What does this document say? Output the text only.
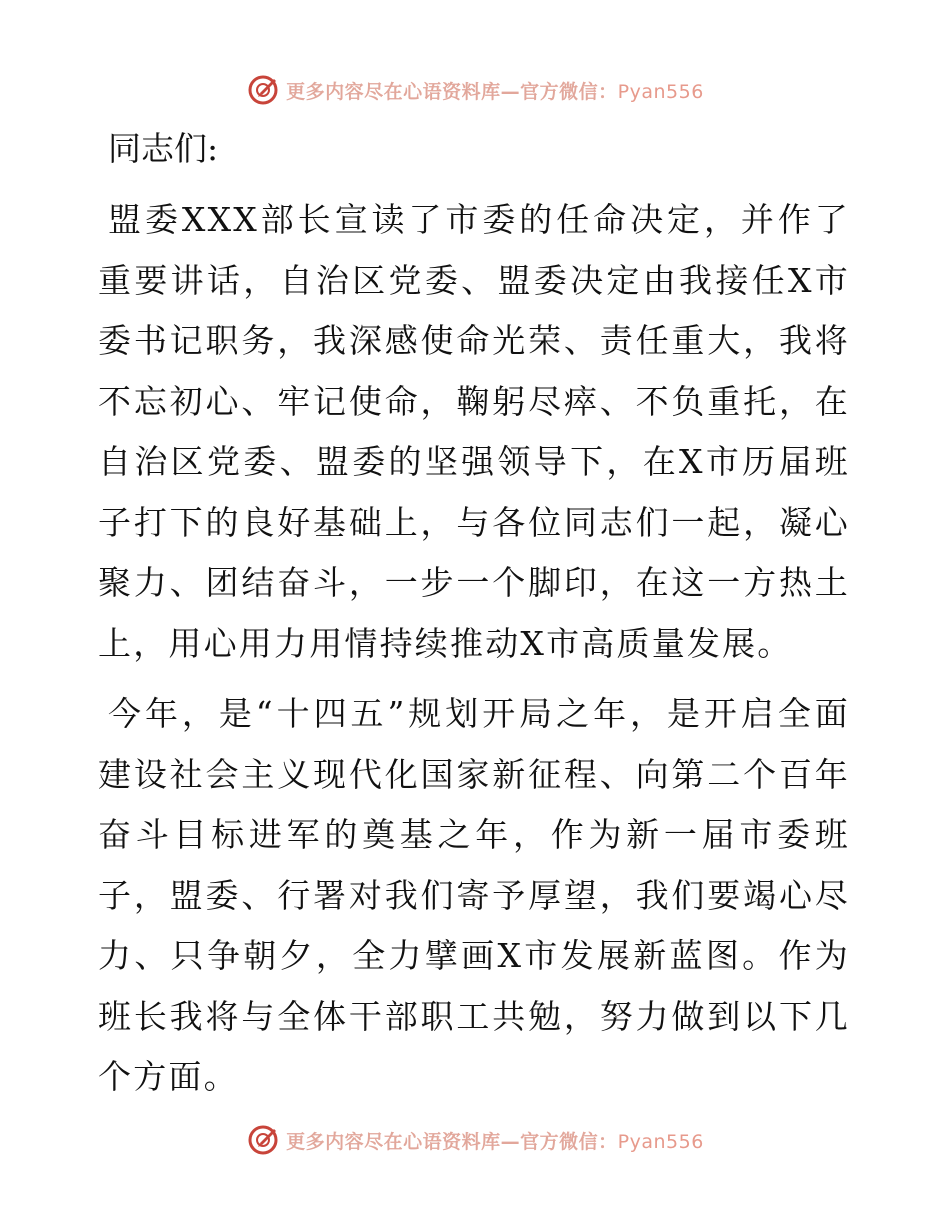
更多内容尽在心语资料库—官方微信：Pyan556
同志们:

盟委XXX部长宣读了市委的任命决定，并作了重要讲话，自治区党委、盟委决定由我接任X市委书记职务，我深感使命光荣、责任重大，我将不忘初心、牢记使命，鞠躬尽瘁、不负重托，在自治区党委、盟委的坚强领导下，在X市历届班子打下的良好基础上，与各位同志们一起，凝心聚力、团结奋斗，一步一个脚印，在这一方热土上，用心用力用情持续推动X市高质量发展。

今年，是“十四五”规划开局之年，是开启全面建设社会主义现代化国家新征程、向第二个百年奋斗目标进军的奠基之年，作为新一届市委班子，盟委、行署对我们寄予厚望，我们要竭心尽力、只争朝夕，全力擘画X市发展新蓝图。作为班长我将与全体干部职工共勉，努力做到以下几个方面。

更多内容尽在心语资料库—官方微信：Pyan556
